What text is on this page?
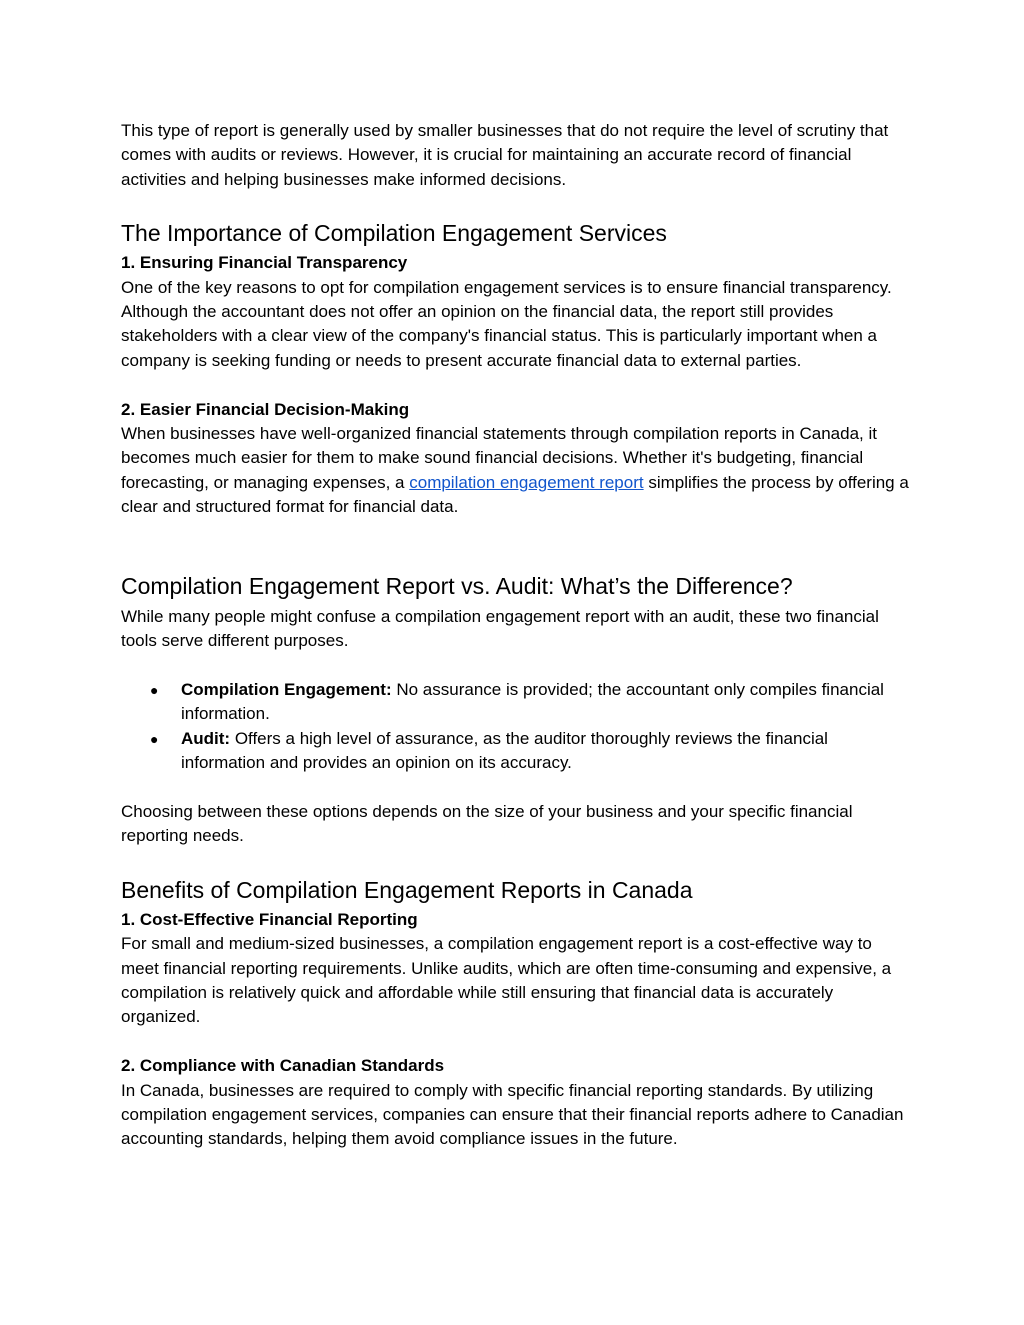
This type of report is generally used by smaller businesses that do not require the level of scrutiny that comes with audits or reviews. However, it is crucial for maintaining an accurate record of financial activities and helping businesses make informed decisions.

The Importance of Compilation Engagement Services

1. Ensuring Financial Transparency

One of the key reasons to opt for compilation engagement services is to ensure financial transparency. Although the accountant does not offer an opinion on the financial data, the report still provides stakeholders with a clear view of the company's financial status. This is particularly important when a company is seeking funding or needs to present accurate financial data to external parties.

2. Easier Financial Decision-Making

When businesses have well-organized financial statements through compilation reports in Canada, it becomes much easier for them to make sound financial decisions. Whether it's budgeting, financial forecasting, or managing expenses, a compilation engagement report simplifies the process by offering a clear and structured format for financial data.

Compilation Engagement Report vs. Audit: What’s the Difference?

While many people might confuse a compilation engagement report with an audit, these two financial tools serve different purposes.

● Compilation Engagement: No assurance is provided; the accountant only compiles financial information.
● Audit: Offers a high level of assurance, as the auditor thoroughly reviews the financial information and provides an opinion on its accuracy.

Choosing between these options depends on the size of your business and your specific financial reporting needs.

Benefits of Compilation Engagement Reports in Canada

1. Cost-Effective Financial Reporting

For small and medium-sized businesses, a compilation engagement report is a cost-effective way to meet financial reporting requirements. Unlike audits, which are often time-consuming and expensive, a compilation is relatively quick and affordable while still ensuring that financial data is accurately organized.

2. Compliance with Canadian Standards

In Canada, businesses are required to comply with specific financial reporting standards. By utilizing compilation engagement services, companies can ensure that their financial reports adhere to Canadian accounting standards, helping them avoid compliance issues in the future.
